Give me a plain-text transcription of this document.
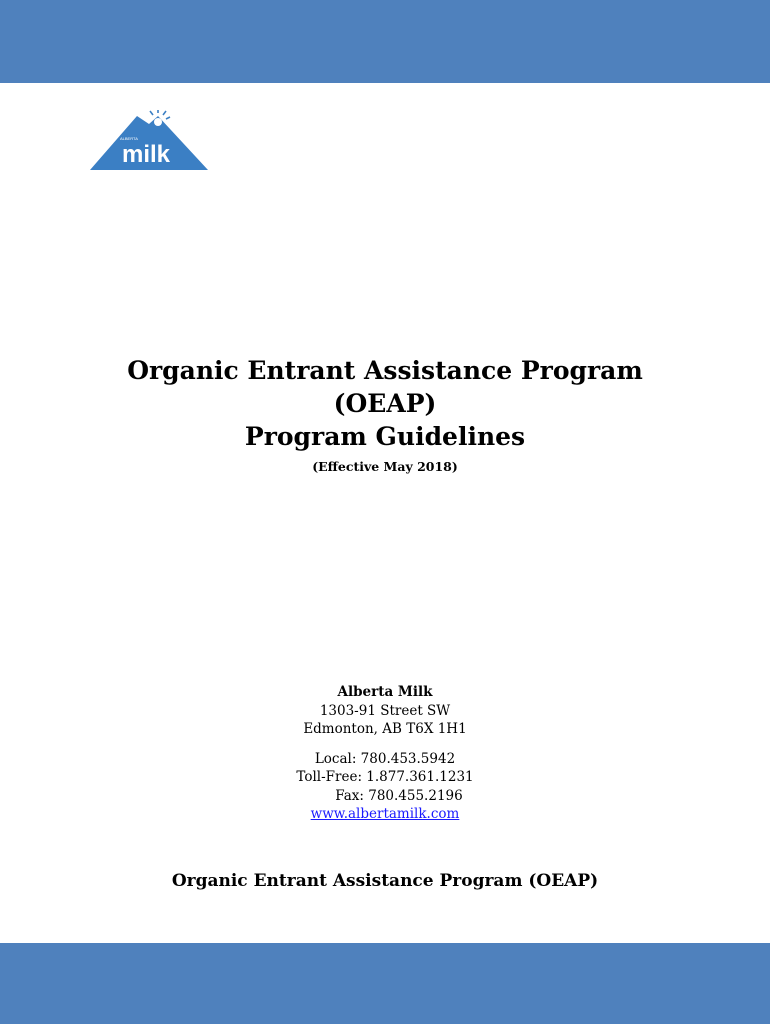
ALBERTA
milk

Organic Entrant Assistance Program

(OEAP)

Program Guidelines

(Effective May 2018)
Alberta Milk
1303-91 Street SW
Edmonton, AB T6X 1H1
Local: 780.453.5942
Toll-Free: 1.877.361.1231
Fax: 780.455.2196
www.albertamilk.com
Organic Entrant Assistance Program (OEAP)
